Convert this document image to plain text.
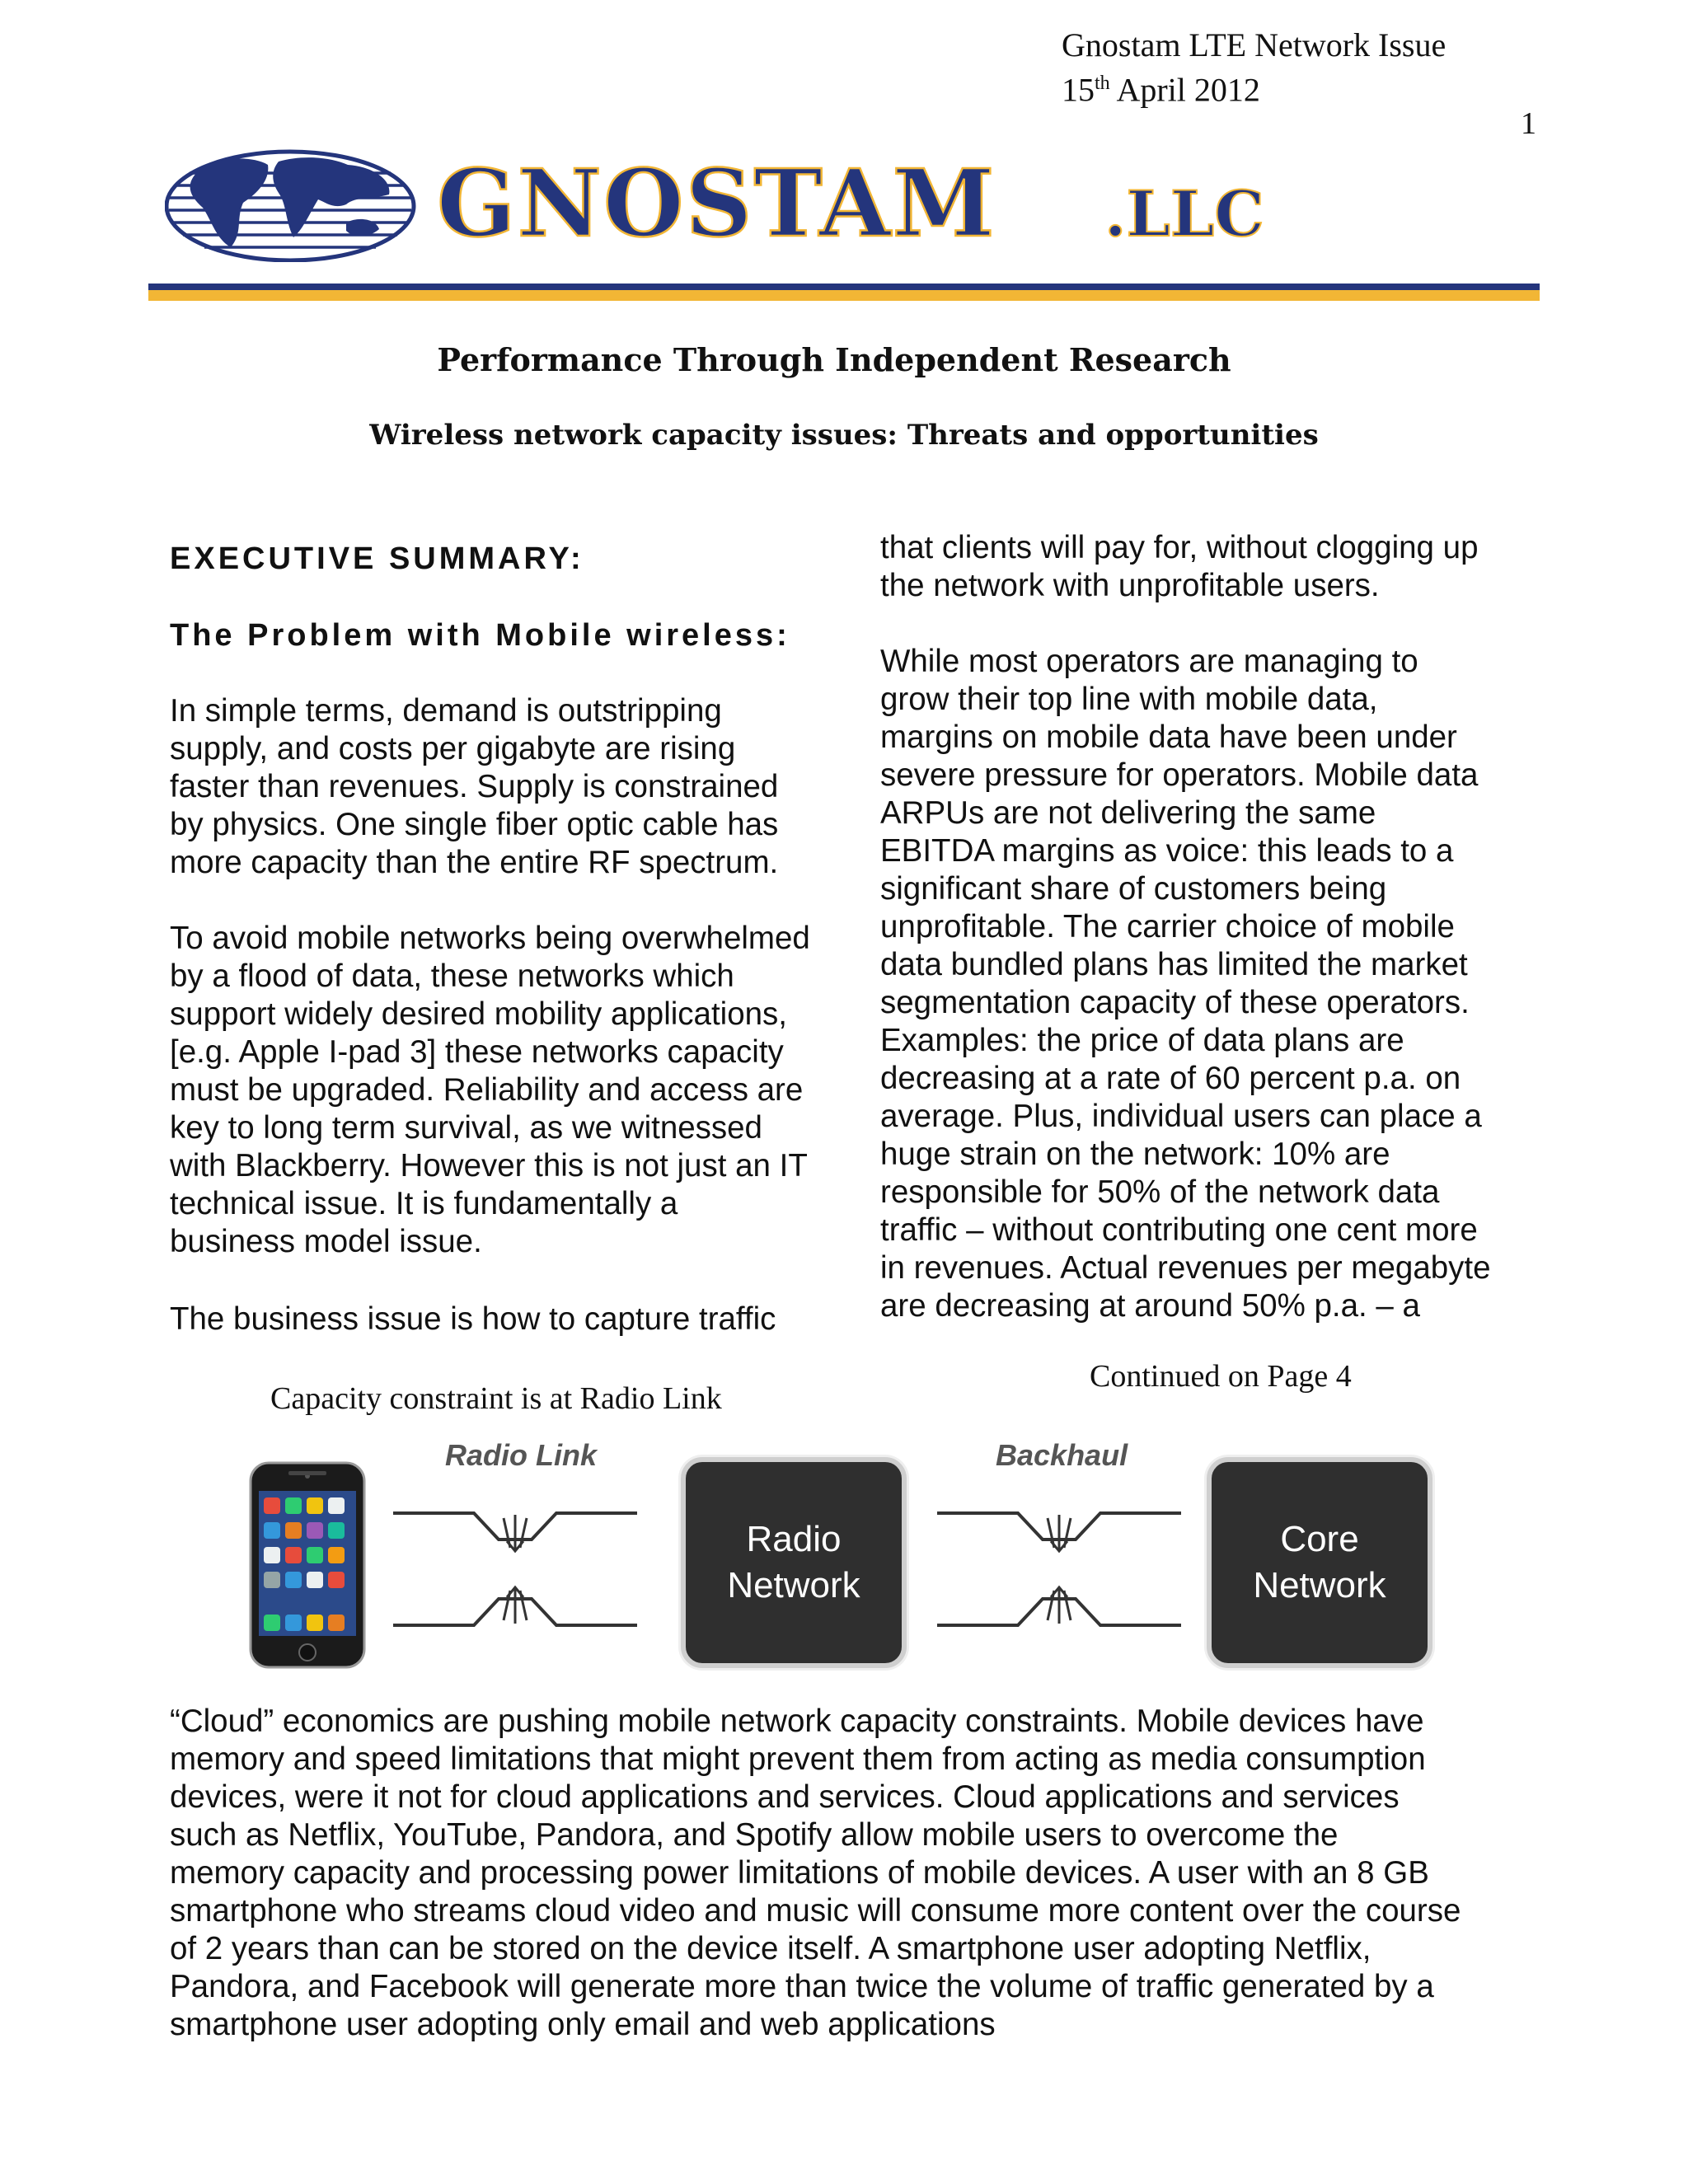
Gnostam LTE Network Issue
15th April 2012
1
GNOSTAM .LLC
Performance Through Independent Research
Wireless network capacity issues: Threats and opportunities
EXECUTIVE SUMMARY:
The Problem with Mobile wireless:
In simple terms, demand is outstripping
supply, and costs per gigabyte are rising
faster than revenues. Supply is constrained
by physics. One single fiber optic cable has
more capacity than the entire RF spectrum.
To avoid mobile networks being overwhelmed
by a flood of data, these networks which
support widely desired mobility applications,
[e.g. Apple I-pad 3] these networks capacity
must be upgraded. Reliability and access are
key to long term survival, as we witnessed
with Blackberry. However this is not just an IT
technical issue. It is fundamentally a
business model issue.
The business issue is how to capture traffic
that clients will pay for, without clogging up
the network with unprofitable users.
While most operators are managing to
grow their top line with mobile data,
margins on mobile data have been under
severe pressure for operators. Mobile data
ARPUs are not delivering the same
EBITDA margins as voice: this leads to a
significant share of customers being
unprofitable. The carrier choice of mobile
data bundled plans has limited the market
segmentation capacity of these operators.
Examples: the price of data plans are
decreasing at a rate of 60 percent p.a. on
average. Plus, individual users can place a
huge strain on the network: 10% are
responsible for 50% of the network data
traffic – without contributing one cent more
in revenues. Actual revenues per megabyte
are decreasing at around 50% p.a. – a
Continued on Page 4
Capacity constraint is at Radio Link
Radio Link	Backhaul
Radio
Network
Core
Network
“Cloud” economics are pushing mobile network capacity constraints. Mobile devices have
memory and speed limitations that might prevent them from acting as media consumption
devices, were it not for cloud applications and services. Cloud applications and services
such as Netflix, YouTube, Pandora, and Spotify allow mobile users to overcome the
memory capacity and processing power limitations of mobile devices. A user with an 8 GB
smartphone who streams cloud video and music will consume more content over the course
of 2 years than can be stored on the device itself. A smartphone user adopting Netflix,
Pandora, and Facebook will generate more than twice the volume of traffic generated by a
smartphone user adopting only email and web applications
